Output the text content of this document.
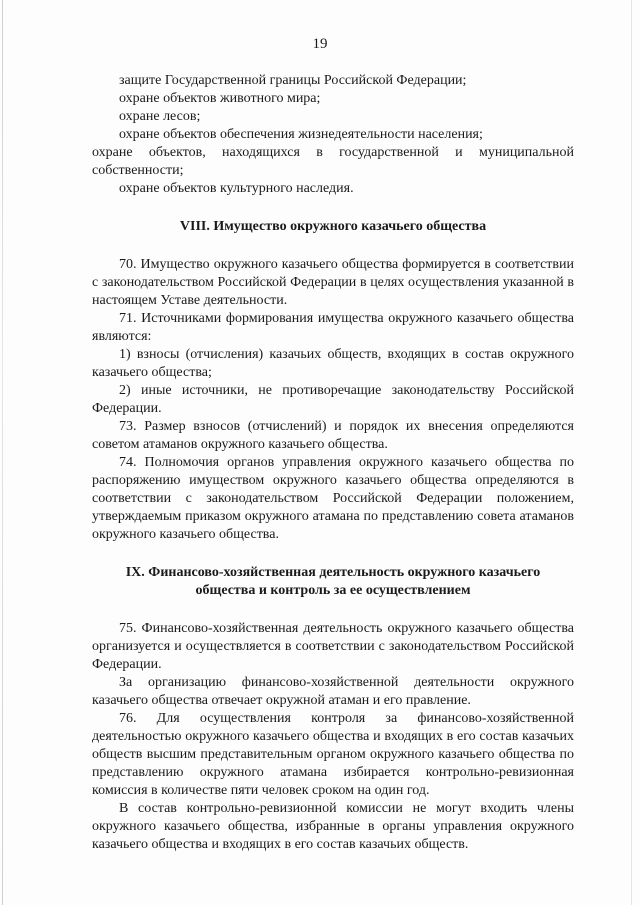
19

защите Государственной границы Российской Федерации;

охране объектов животного мира;

охране лесов;

охране объектов обеспечения жизнедеятельности населения;

охране объектов, находящихся в государственной и муниципальной собственности;

охране объектов культурного наследия.

VIII. Имущество окружного казачьего общества

70. Имущество окружного казачьего общества формируется в соответствии с законодательством Российской Федерации в целях осуществления указанной в настоящем Уставе деятельности.

71. Источниками формирования имущества окружного казачьего общества являются:

1) взносы (отчисления) казачьих обществ, входящих в состав окружного казачьего общества;

2) иные источники, не противоречащие законодательству Российской Федерации.

73. Размер взносов (отчислений) и порядок их внесения определяются советом атаманов окружного казачьего общества.

74. Полномочия органов управления окружного казачьего общества по распоряжению имуществом окружного казачьего общества определяются в соответствии с законодательством Российской Федерации положением, утверждаемым приказом окружного атамана по представлению совета атаманов окружного казачьего общества.

IX. Финансово-хозяйственная деятельность окружного казачьего
общества и контроль за ее осуществлением

75. Финансово-хозяйственная деятельность окружного казачьего общества организуется и осуществляется в соответствии с законодательством Российской Федерации.

За организацию финансово-хозяйственной деятельности окружного казачьего общества отвечает окружной атаман и его правление.

76. Для осуществления контроля за финансово-хозяйственной деятельностью окружного казачьего общества и входящих в его состав казачьих обществ высшим представительным органом окружного казачьего общества по представлению окружного атамана избирается контрольно-ревизионная комиссия в количестве пяти человек сроком на один год.

В состав контрольно-ревизионной комиссии не могут входить члены окружного казачьего общества, избранные в органы управления окружного казачьего общества и входящих в его состав казачьих обществ.
